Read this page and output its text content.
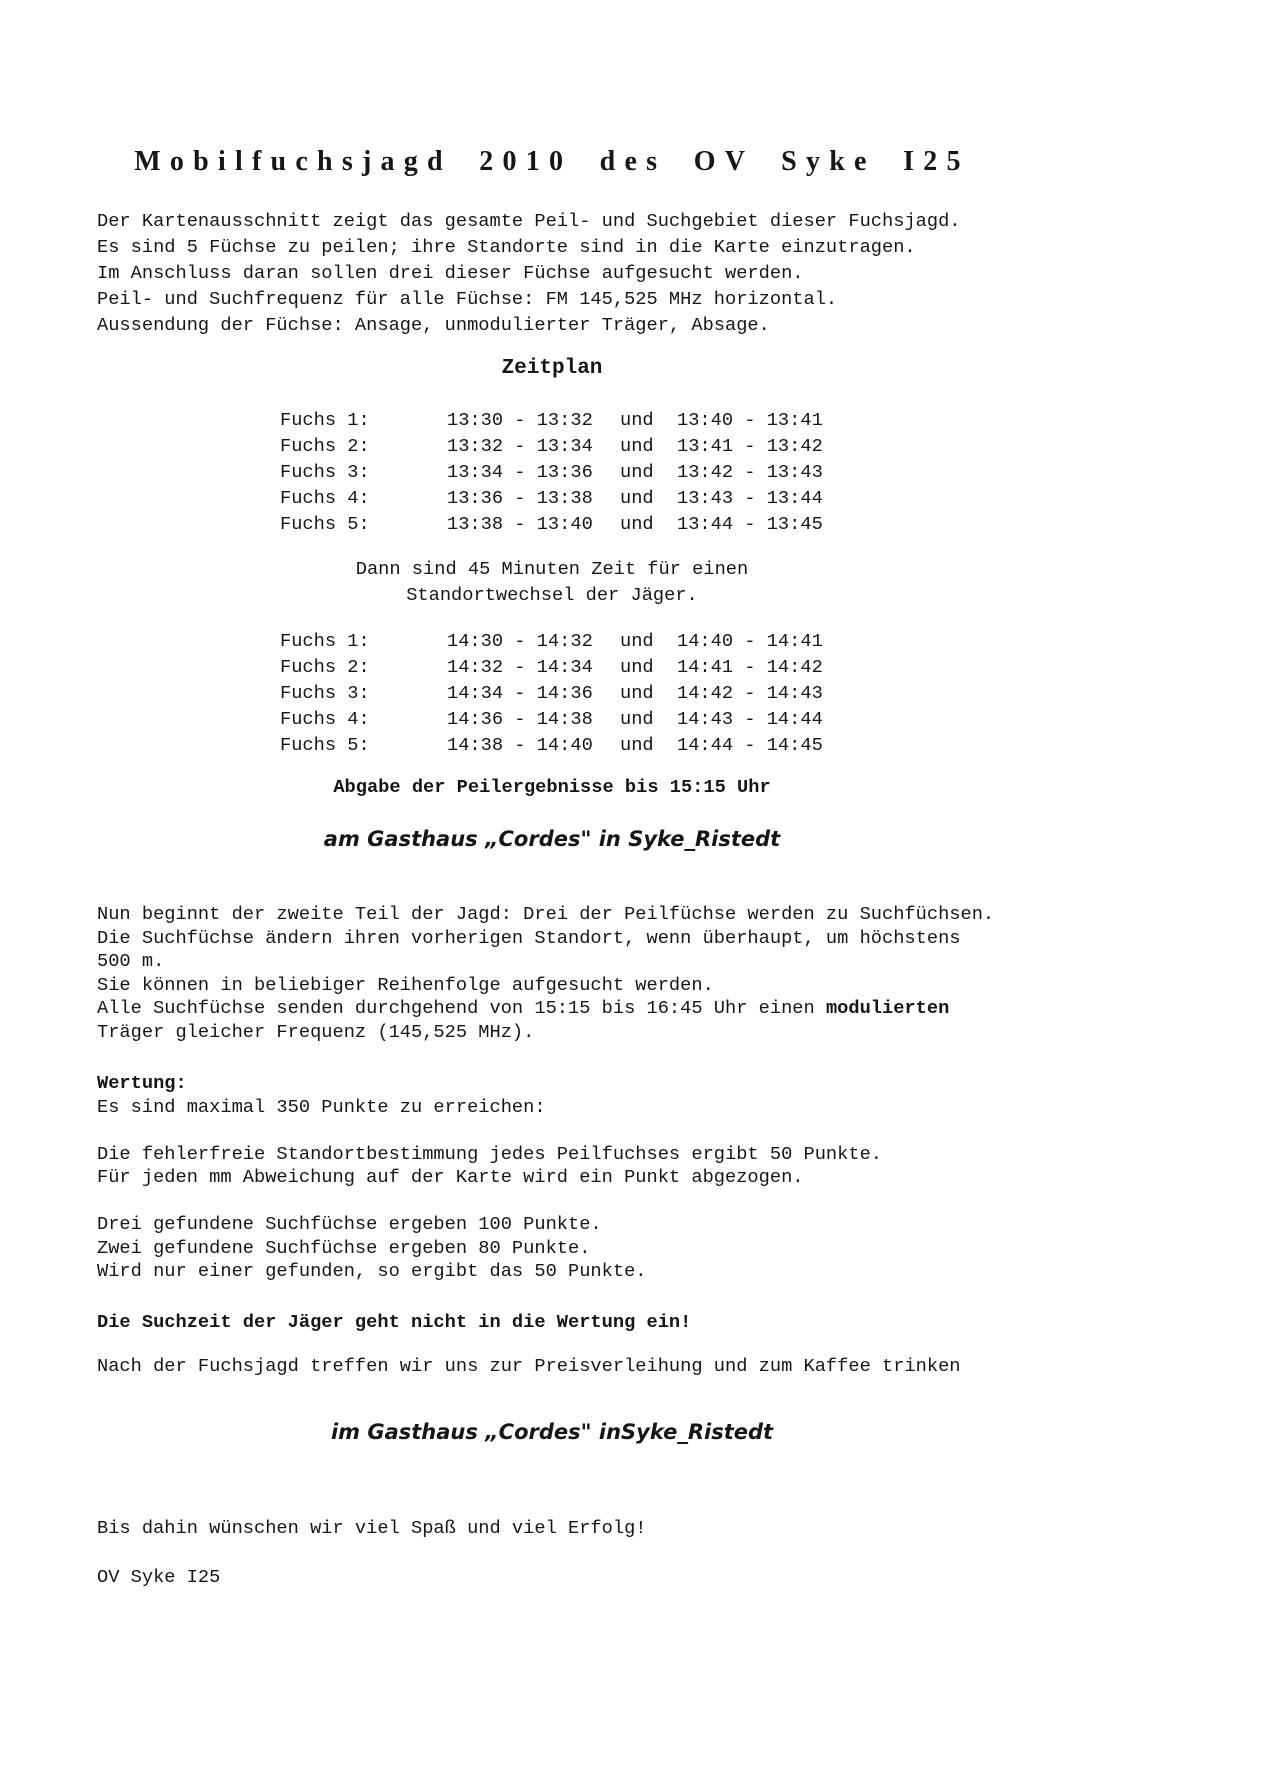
Mobilfuchsjagd 2010 des OV Syke I25
Der Kartenausschnitt zeigt das gesamte Peil- und Suchgebiet dieser Fuchsjagd.
Es sind 5 Füchse zu peilen; ihre Standorte sind in die Karte einzutragen.
Im Anschluss daran sollen drei dieser Füchse aufgesucht werden.
Peil- und Suchfrequenz für alle Füchse: FM 145,525 MHz horizontal.
Aussendung der Füchse: Ansage, unmodulierter Träger, Absage.
Zeitplan
Fuchs 1:	13:30 - 13:32	und	13:40 - 13:41
Fuchs 2:	13:32 - 13:34	und	13:41 - 13:42
Fuchs 3:	13:34 - 13:36	und	13:42 - 13:43
Fuchs 4:	13:36 - 13:38	und	13:43 - 13:44
Fuchs 5:	13:38 - 13:40	und	13:44 - 13:45
Dann sind 45 Minuten Zeit für einen
Standortwechsel der Jäger.
Fuchs 1:	14:30 - 14:32	und	14:40 - 14:41
Fuchs 2:	14:32 - 14:34	und	14:41 - 14:42
Fuchs 3:	14:34 - 14:36	und	14:42 - 14:43
Fuchs 4:	14:36 - 14:38	und	14:43 - 14:44
Fuchs 5:	14:38 - 14:40	und	14:44 - 14:45
Abgabe der Peilergebnisse bis 15:15 Uhr
am Gasthaus „Cordes" in Syke_Ristedt
Nun beginnt der zweite Teil der Jagd: Drei der Peilfüchse werden zu Suchfüchsen.
Die Suchfüchse ändern ihren vorherigen Standort, wenn überhaupt, um höchstens
500 m.
Sie können in beliebiger Reihenfolge aufgesucht werden.
Alle Suchfüchse senden durchgehend von 15:15 bis 16:45 Uhr einen modulierten
Träger gleicher Frequenz (145,525 MHz).
Wertung:
Es sind maximal 350 Punkte zu erreichen:
Die fehlerfreie Standortbestimmung jedes Peilfuchses ergibt 50 Punkte.
Für jeden mm Abweichung auf der Karte wird ein Punkt abgezogen.
Drei gefundene Suchfüchse ergeben 100 Punkte.
Zwei gefundene Suchfüchse ergeben 80 Punkte.
Wird nur einer gefunden, so ergibt das 50 Punkte.
Die Suchzeit der Jäger geht nicht in die Wertung ein!
Nach der Fuchsjagd treffen wir uns zur Preisverleihung und zum Kaffee trinken
im Gasthaus „Cordes" inSyke_Ristedt
Bis dahin wünschen wir viel Spaß und viel Erfolg!
OV Syke I25
